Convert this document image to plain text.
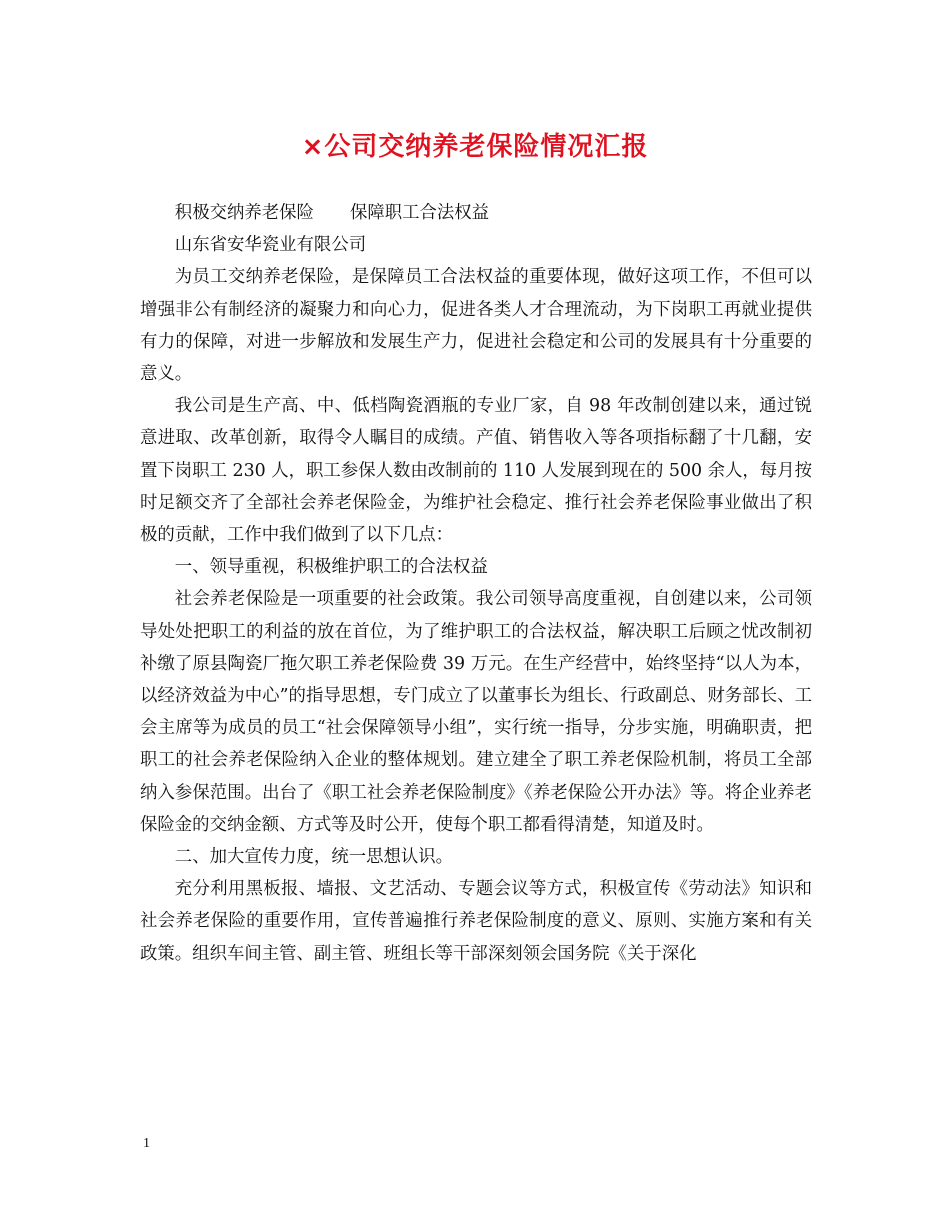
×公司交纳养老保险情况汇报

积极交纳养老保险 保障职工合法权益

山东省安华瓷业有限公司

为员工交纳养老保险，是保障员工合法权益的重要体现，做好这项工作，不但可以增强非公有制经济的凝聚力和向心力，促进各类人才合理流动，为下岗职工再就业提供有力的保障，对进一步解放和发展生产力，促进社会稳定和公司的发展具有十分重要的意义。

我公司是生产高、中、低档陶瓷酒瓶的专业厂家，自 98 年改制创建以来，通过锐意进取、改革创新，取得令人瞩目的成绩。产值、销售收入等各项指标翻了十几翻，安置下岗职工 230 人，职工参保人数由改制前的 110 人发展到现在的 500 余人，每月按时足额交齐了全部社会养老保险金，为维护社会稳定、推行社会养老保险事业做出了积极的贡献，工作中我们做到了以下几点：

一、领导重视，积极维护职工的合法权益

社会养老保险是一项重要的社会政策。我公司领导高度重视，自创建以来，公司领导处处把职工的利益的放在首位，为了维护职工的合法权益，解决职工后顾之忧改制初补缴了原县陶瓷厂拖欠职工养老保险费 39 万元。在生产经营中，始终坚持“以人为本，以经济效益为中心”的指导思想，专门成立了以董事长为组长、行政副总、财务部长、工会主席等为成员的员工“社会保障领导小组”，实行统一指导，分步实施，明确职责，把职工的社会养老保险纳入企业的整体规划。建立建全了职工养老保险机制，将员工全部纳入参保范围。出台了《职工社会养老保险制度》《养老保险公开办法》等。将企业养老保险金的交纳金额、方式等及时公开，使每个职工都看得清楚，知道及时。

二、加大宣传力度，统一思想认识。

充分利用黑板报、墙报、文艺活动、专题会议等方式，积极宣传《劳动法》知识和社会养老保险的重要作用，宣传普遍推行养老保险制度的意义、原则、实施方案和有关政策。组织车间主管、副主管、班组长等干部深刻领会国务院《关于深化

1
